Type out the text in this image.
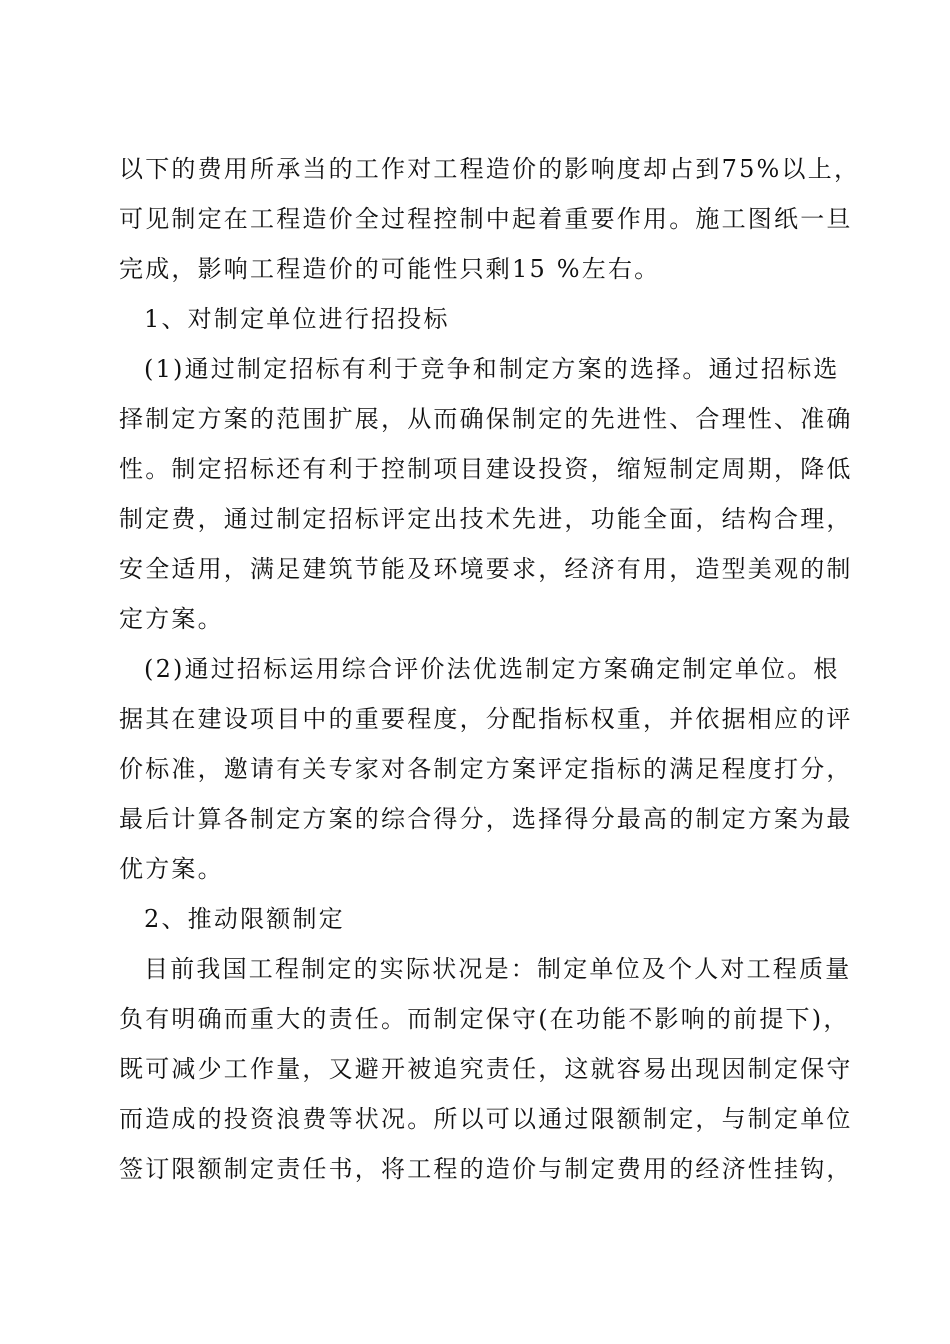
以下的费用所承当的工作对工程造价的影响度却占到75%以上，
可见制定在工程造价全过程控制中起着重要作用。施工图纸一旦
完成，影响工程造价的可能性只剩15 %左右。
1、对制定单位进行招投标
(1)通过制定招标有利于竞争和制定方案的选择。通过招标选
择制定方案的范围扩展，从而确保制定的先进性、合理性、准确
性。制定招标还有利于控制项目建设投资，缩短制定周期，降低
制定费，通过制定招标评定出技术先进，功能全面，结构合理，
安全适用，满足建筑节能及环境要求，经济有用，造型美观的制
定方案。
(2)通过招标运用综合评价法优选制定方案确定制定单位。根
据其在建设项目中的重要程度，分配指标权重，并依据相应的评
价标准，邀请有关专家对各制定方案评定指标的满足程度打分，
最后计算各制定方案的综合得分，选择得分最高的制定方案为最
优方案。
2、推动限额制定
目前我国工程制定的实际状况是：制定单位及个人对工程质量
负有明确而重大的责任。而制定保守(在功能不影响的前提下)，
既可减少工作量，又避开被追究责任，这就容易出现因制定保守
而造成的投资浪费等状况。所以可以通过限额制定，与制定单位
签订限额制定责任书，将工程的造价与制定费用的经济性挂钩，
